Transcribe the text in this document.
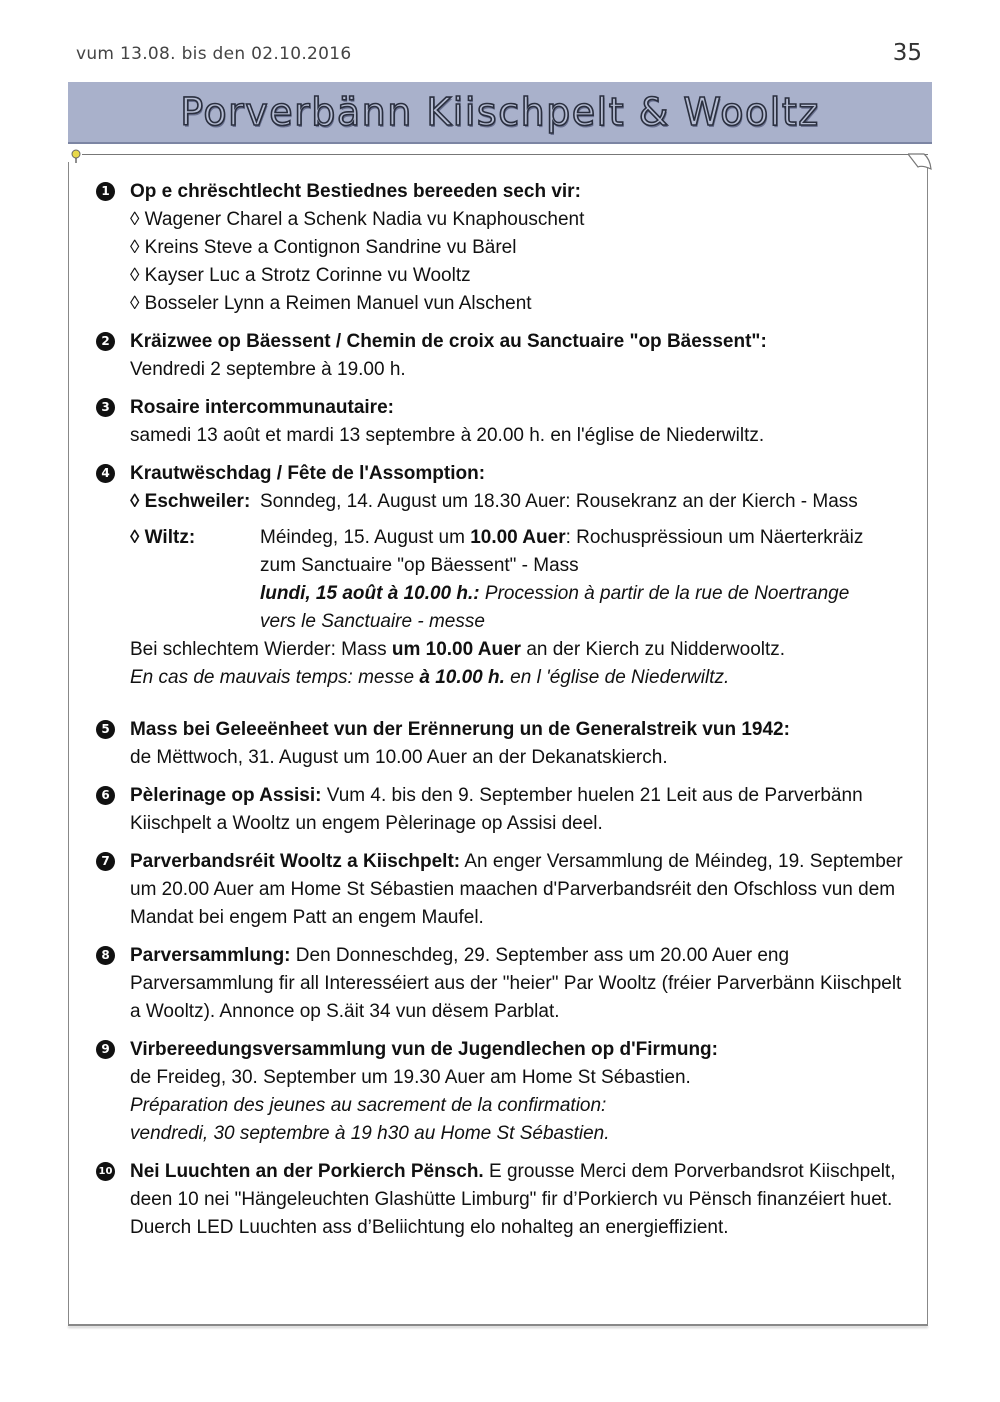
vum 13.08. bis den 02.10.2016	35
Porverbänn Kiischpelt & Wooltz
1 Op e chrëschtlecht Bestiednes bereeden sech vir:
◊ Wagener Charel a Schenk Nadia vu Knaphouschent
◊ Kreins Steve a Contignon Sandrine vu Bärel
◊ Kayser Luc a Strotz Corinne vu Wooltz
◊ Bosseler Lynn a Reimen Manuel vun Alschent
2 Kräizwee op Bäessent / Chemin de croix au Sanctuaire "op Bäessent":
Vendredi 2 septembre à 19.00 h.
3 Rosaire intercommunautaire:
samedi 13 août et mardi 13 septembre à 20.00 h. en l'église de Niederwiltz.
4 Krautwëschdag / Fête de l'Assomption:
◊ Eschweiler: Sonndeg, 14. August um 18.30 Auer: Rousekranz an der Kierch - Mass
◊ Wiltz:	Méindeg, 15. August um 10.00 Auer: Rochusprëssioun um Näerterkräiz
zum Sanctuaire "op Bäessent" - Mass
lundi, 15 août à 10.00 h.: Procession à partir de la rue de Noertrange
vers le Sanctuaire - messe
Bei schlechtem Wierder: Mass um 10.00 Auer an der Kierch zu Nidderwooltz.
En cas de mauvais temps: messe à 10.00 h. en l 'église de Niederwiltz.
5 Mass bei Geleeënheet vun der Erënnerung un de Generalstreik vun 1942:
de Mëttwoch, 31. August um 10.00 Auer an der Dekanatskierch.
6 Pèlerinage op Assisi: Vum 4. bis den 9. September huelen 21 Leit aus de Parverbänn
Kiischpelt a Wooltz un engem Pèlerinage op Assisi deel.
7 Parverbandsréit Wooltz a Kiischpelt: An enger Versammlung de Méindeg, 19. September
um 20.00 Auer am Home St Sébastien maachen d'Parverbandsréit den Ofschloss vun dem
Mandat bei engem Patt an engem Maufel.
8 Parversammlung: Den Donneschdeg, 29. September ass um 20.00 Auer eng
Parversammlung fir all Interesséiert aus der "heier" Par Wooltz (fréier Parverbänn Kiischpelt
a Wooltz). Annonce op S.äit 34 vun dësem Parblat.
9 Virbereedungsversammlung vun de Jugendlechen op d'Firmung:
de Freideg, 30. September um 19.30 Auer am Home St Sébastien.
Préparation des jeunes au sacrement de la confirmation:
vendredi, 30 septembre à 19 h30 au Home St Sébastien.
10 Nei Luuchten an der Porkierch Pënsch. E grousse Merci dem Porverbandsrot Kiischpelt,
deen 10 nei "Hängeleuchten Glashütte Limburg" fir d’Porkierch vu Pënsch finanzéiert huet.
Duerch LED Luuchten ass d’Beliichtung elo nohalteg an energieffizient.
